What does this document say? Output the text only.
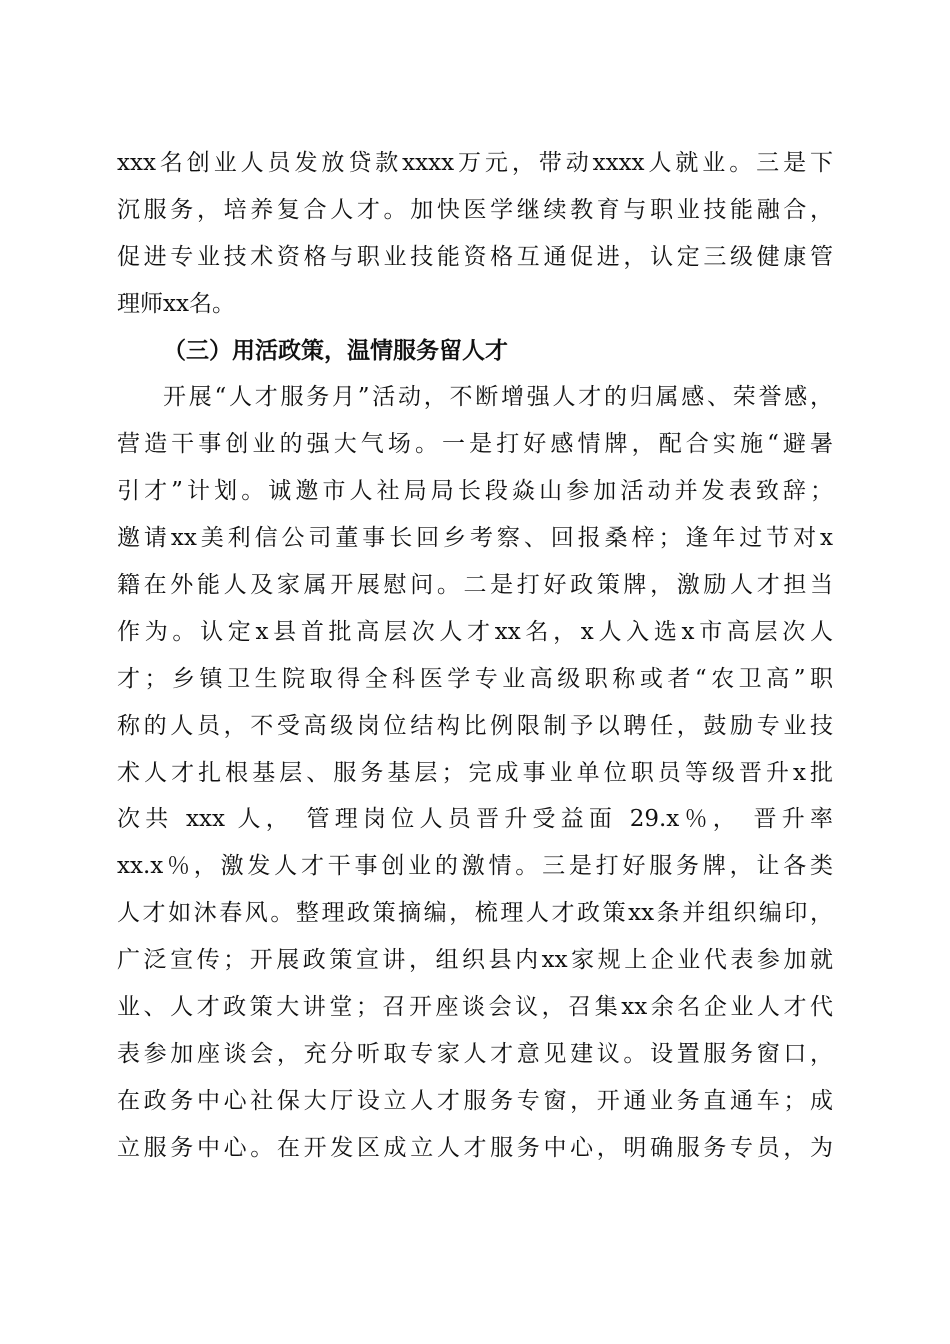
xxx名创业人员发放贷款xxxx万元，带动xxxx人就业。三是下
沉服务，培养复合人才。加快医学继续教育与职业技能融合，
促进专业技术资格与职业技能资格互通促进，认定三级健康管
理师xx名。
（三）用活政策，温情服务留人才
开展“人才服务月”活动，不断增强人才的归属感、荣誉感，
营造干事创业的强大气场。一是打好感情牌，配合实施“避暑
引才”计划。诚邀市人社局局长段焱山参加活动并发表致辞；
邀请xx美利信公司董事长回乡考察、回报桑梓；逢年过节对x
籍在外能人及家属开展慰问。二是打好政策牌，激励人才担当
作为。认定x县首批高层次人才xx名，x人入选x市高层次人
才；乡镇卫生院取得全科医学专业高级职称或者“农卫高”职
称的人员，不受高级岗位结构比例限制予以聘任，鼓励专业技
术人才扎根基层、服务基层；完成事业单位职员等级晋升x批
次共 xxx 人， 管理岗位人员晋升受益面 29.x％， 晋升率
xx.x％，激发人才干事创业的激情。三是打好服务牌，让各类
人才如沐春风。整理政策摘编，梳理人才政策xx条并组织编印，
广泛宣传；开展政策宣讲，组织县内xx家规上企业代表参加就
业、人才政策大讲堂；召开座谈会议，召集xx余名企业人才代
表参加座谈会，充分听取专家人才意见建议。设置服务窗口，
在政务中心社保大厅设立人才服务专窗，开通业务直通车；成
立服务中心。在开发区成立人才服务中心，明确服务专员，为
